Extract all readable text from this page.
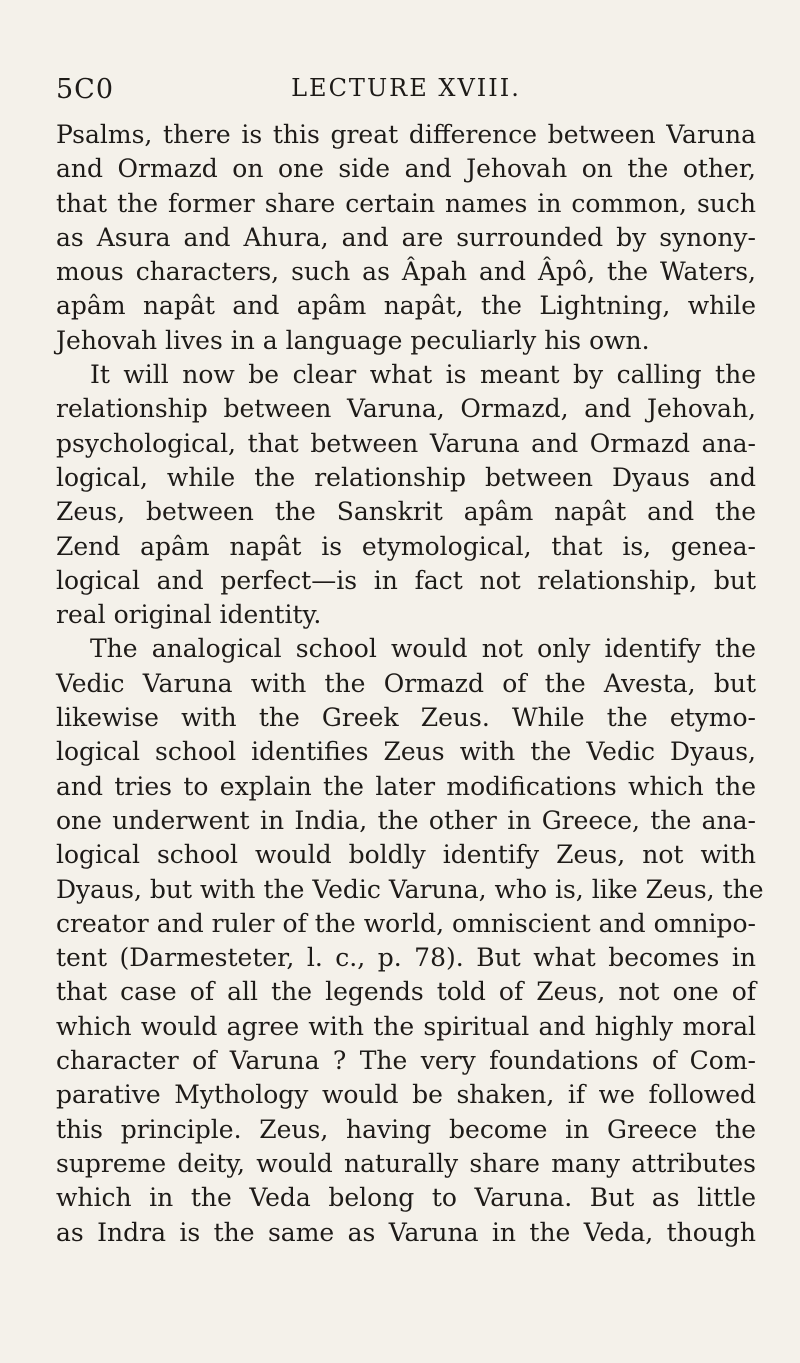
5C0	LECTURE XVIII.
Psalms, there is this great difference between Varuna
and Ormazd on one side and Jehovah on the other,
that the former share certain names in common, such
as Asura and Ahura, and are surrounded by synony-
mous characters, such as Âpah and Âpô, the Waters,
apâm napât and apâm napât, the Lightning, while
Jehovah lives in a language peculiarly his own.
It will now be clear what is meant by calling the
relationship between Varuna, Ormazd, and Jehovah,
psychological, that between Varuna and Ormazd ana-
logical, while the relationship between Dyaus and
Zeus, between the Sanskrit apâm napât and the
Zend apâm napât is etymological, that is, genea-
logical and perfect—is in fact not relationship, but
real original identity.
The analogical school would not only identify the
Vedic Varuna with the Ormazd of the Avesta, but
likewise with the Greek Zeus. While the etymo-
logical school identifies Zeus with the Vedic Dyaus,
and tries to explain the later modifications which the
one underwent in India, the other in Greece, the ana-
logical school would boldly identify Zeus, not with
Dyaus, but with the Vedic Varuna, who is, like Zeus, the
creator and ruler of the world, omniscient and omnipo-
tent (Darmesteter, l. c., p. 78). But what becomes in
that case of all the legends told of Zeus, not one of
which would agree with the spiritual and highly moral
character of Varuna ? The very foundations of Com-
parative Mythology would be shaken, if we followed
this principle. Zeus, having become in Greece the
supreme deity, would naturally share many attributes
which in the Veda belong to Varuna. But as little
as Indra is the same as Varuna in the Veda, though
